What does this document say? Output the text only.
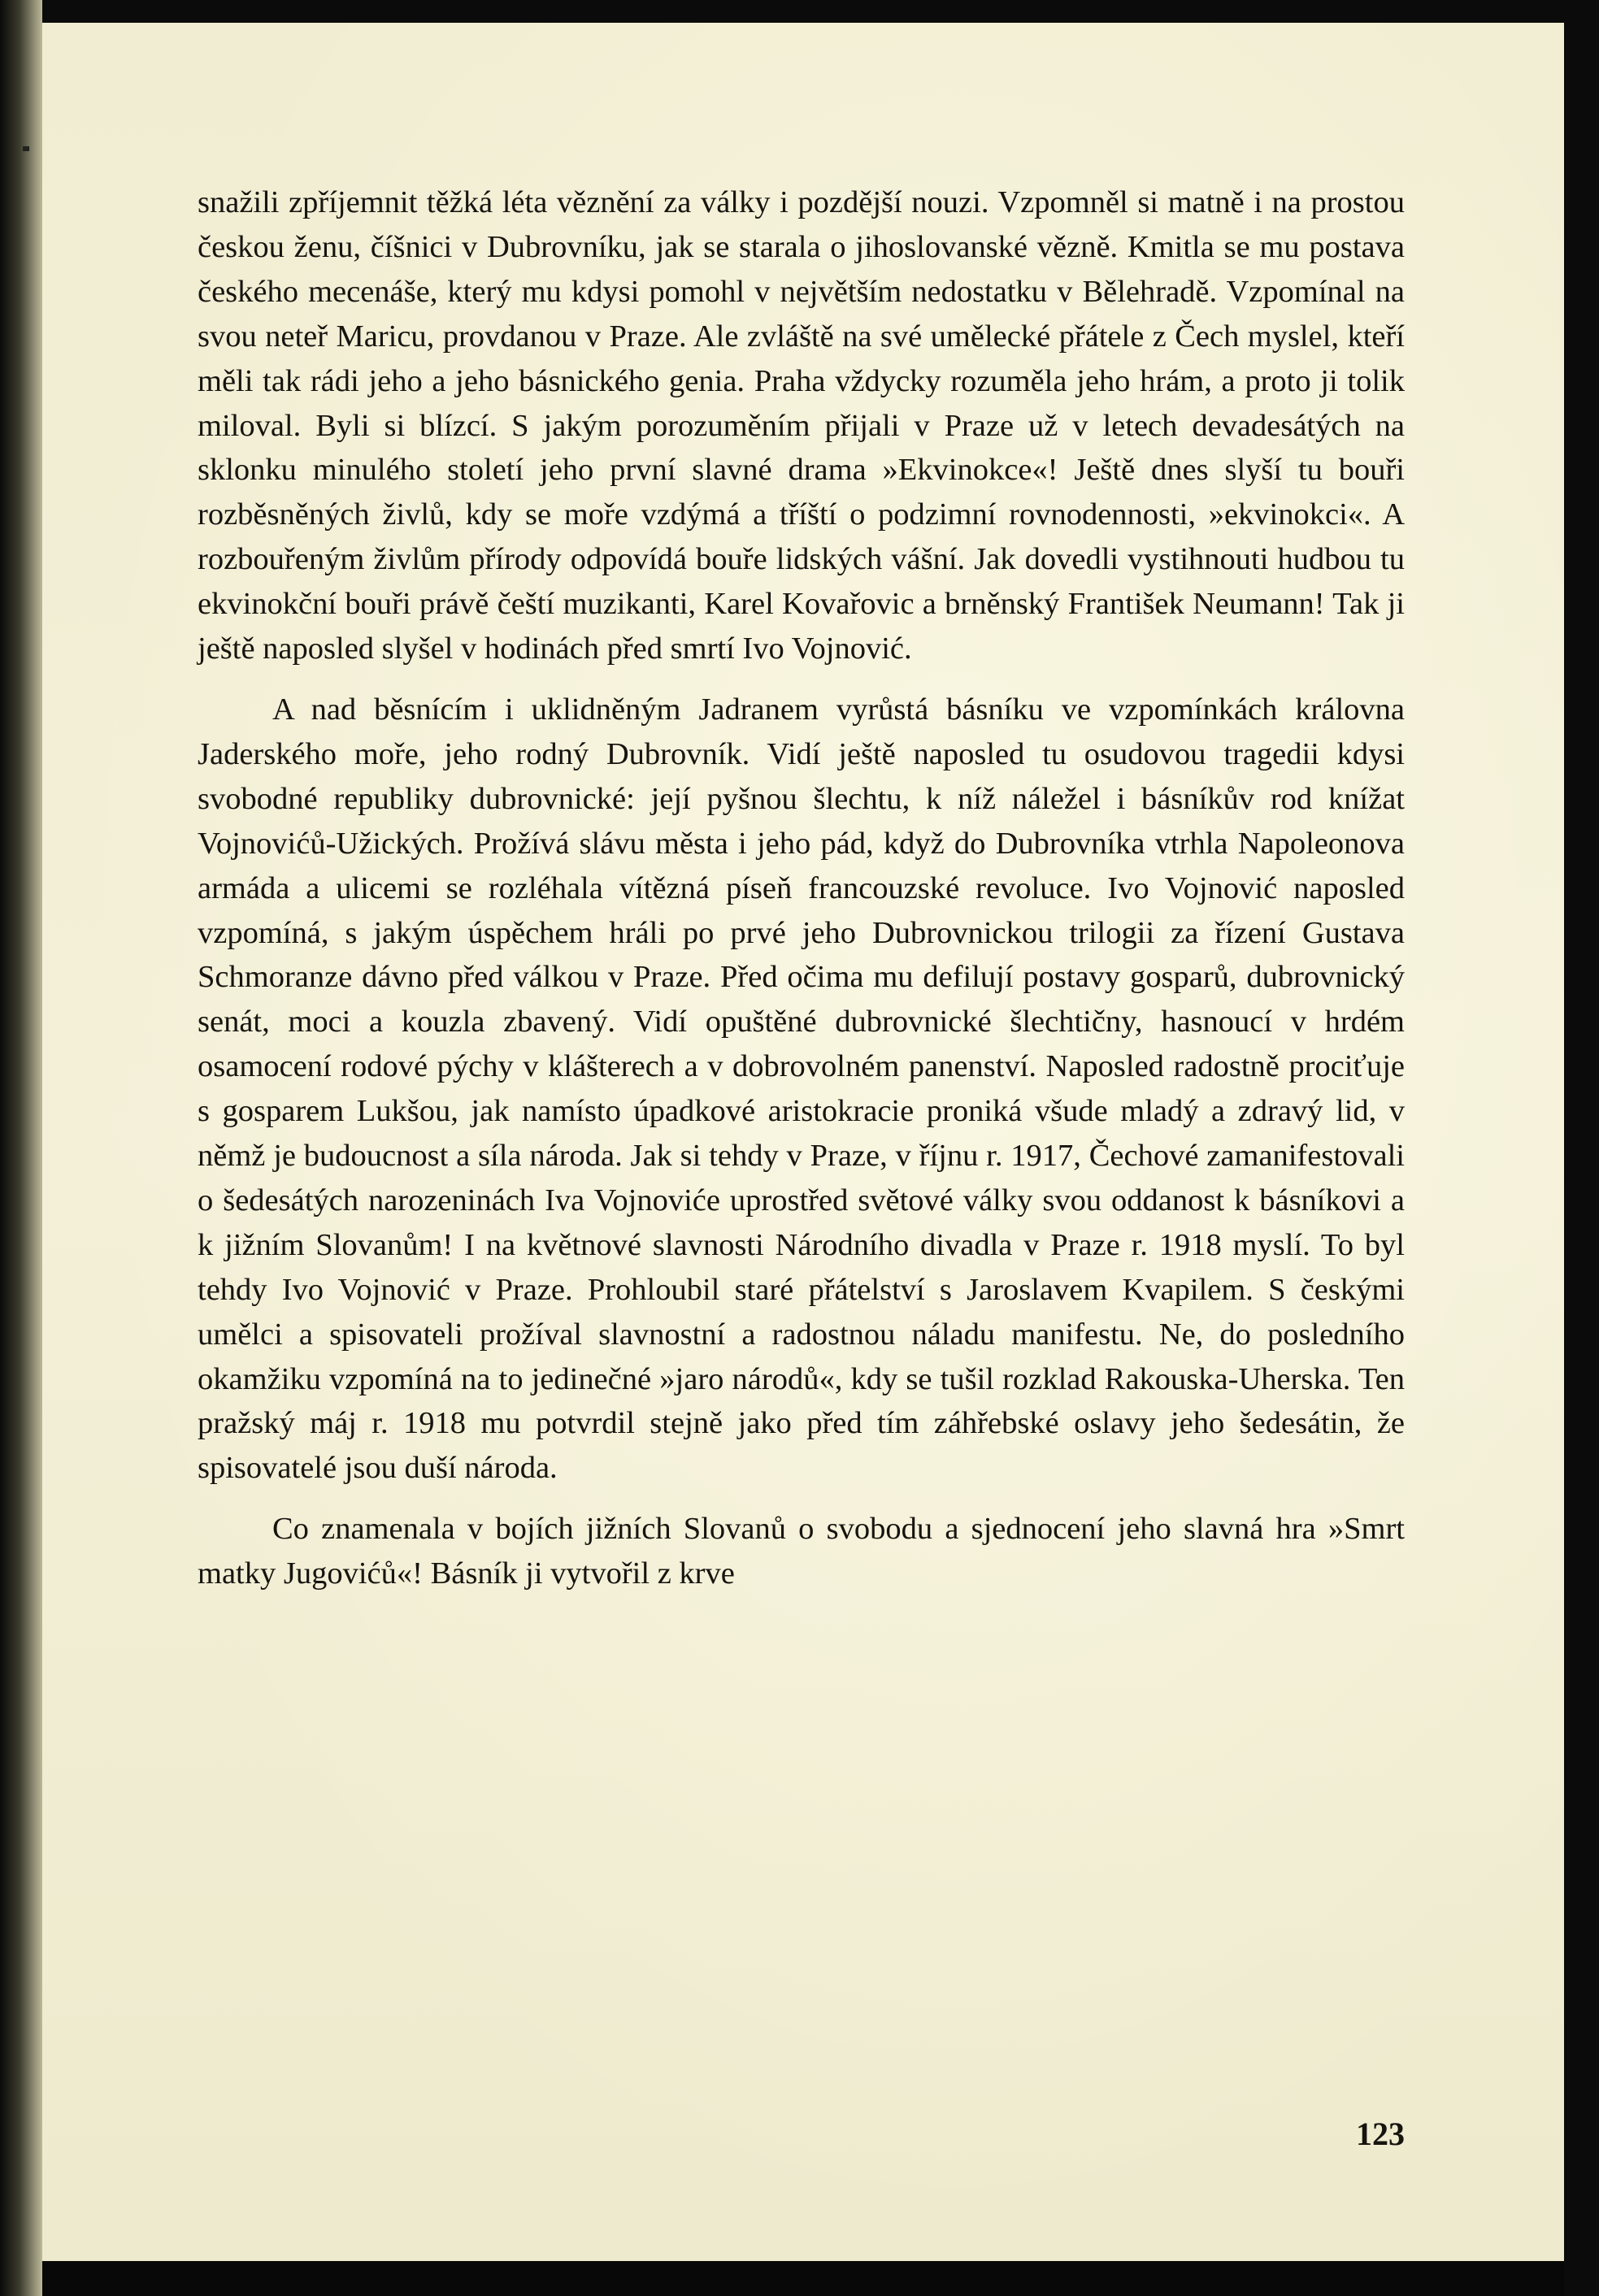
snažili zpříjemnit těžká léta věznění za války i pozdější nouzi. Vzpomněl si matně i na prostou českou ženu, číšnici v Dubrovníku, jak se starala o jihoslovanské vězně. Kmitla se mu postava českého mecenáše, který mu kdysi pomohl v největším nedostatku v Bělehradě. Vzpomínal na svou neteř Maricu, provdanou v Praze. Ale zvláště na své umělecké přátele z Čech myslel, kteří měli tak rádi jeho a jeho básnického genia. Praha vždycky rozuměla jeho hrám, a proto ji tolik miloval. Byli si blízcí. S jakým porozuměním přijali v Praze už v letech devadesátých na sklonku minulého století jeho první slavné drama »Ekvinokce«! Ještě dnes slyší tu bouři rozběsněných živlů, kdy se moře vzdýmá a tříští o podzimní rovnodennosti, »ekvinokci«. A rozbouřeným živlům přírody odpovídá bouře lidských vášní. Jak dovedli vystihnouti hudbou tu ekvinokční bouři právě čeští muzikanti, Karel Kovařovic a brněnský František Neumann! Tak ji ještě naposled slyšel v hodinách před smrtí Ivo Vojnović.

A nad běsnícím i uklidněným Jadranem vyrůstá básníku ve vzpomínkách královna Jaderského moře, jeho rodný Dubrovník. Vidí ještě naposled tu osudovou tragedii kdysi svobodné republiky dubrovnické: její pyšnou šlechtu, k níž náležel i básníkův rod knížat Vojnovićů-Užických. Prožívá slávu města i jeho pád, když do Dubrovníka vtrhla Napoleonova armáda a ulicemi se rozléhala vítězná píseň francouzské revoluce. Ivo Vojnović naposled vzpomíná, s jakým úspěchem hráli po prvé jeho Dubrovnickou trilogii za řízení Gustava Schmoranze dávno před válkou v Praze. Před očima mu defilují postavy gosparů, dubrovnický senát, moci a kouzla zbavený. Vidí opuštěné dubrovnické šlechtičny, hasnoucí v hrdém osamocení rodové pýchy v klášterech a v dobrovolném panenství. Naposled radostně prociťuje s gosparem Lukšou, jak namísto úpadkové aristokracie proniká všude mladý a zdravý lid, v němž je budoucnost a síla národa. Jak si tehdy v Praze, v říjnu r. 1917, Čechové zamanifestovali o šedesátých narozeninách Iva Vojnoviće uprostřed světové války svou oddanost k básníkovi a k jižním Slovanům! I na květnové slavnosti Národního divadla v Praze r. 1918 myslí. To byl tehdy Ivo Vojnović v Praze. Prohloubil staré přátelství s Jaroslavem Kvapilem. S českými umělci a spisovateli prožíval slavnostní a radostnou náladu manifestu. Ne, do posledního okamžiku vzpomíná na to jedinečné »jaro národů«, kdy se tušil rozklad Rakouska-Uherska. Ten pražský máj r. 1918 mu potvrdil stejně jako před tím záhřebské oslavy jeho šedesátin, že spisovatelé jsou duší národa.

Co znamenala v bojích jižních Slovanů o svobodu a sjednocení jeho slavná hra »Smrt matky Jugovićů«! Básník ji vytvořil z krve

123
